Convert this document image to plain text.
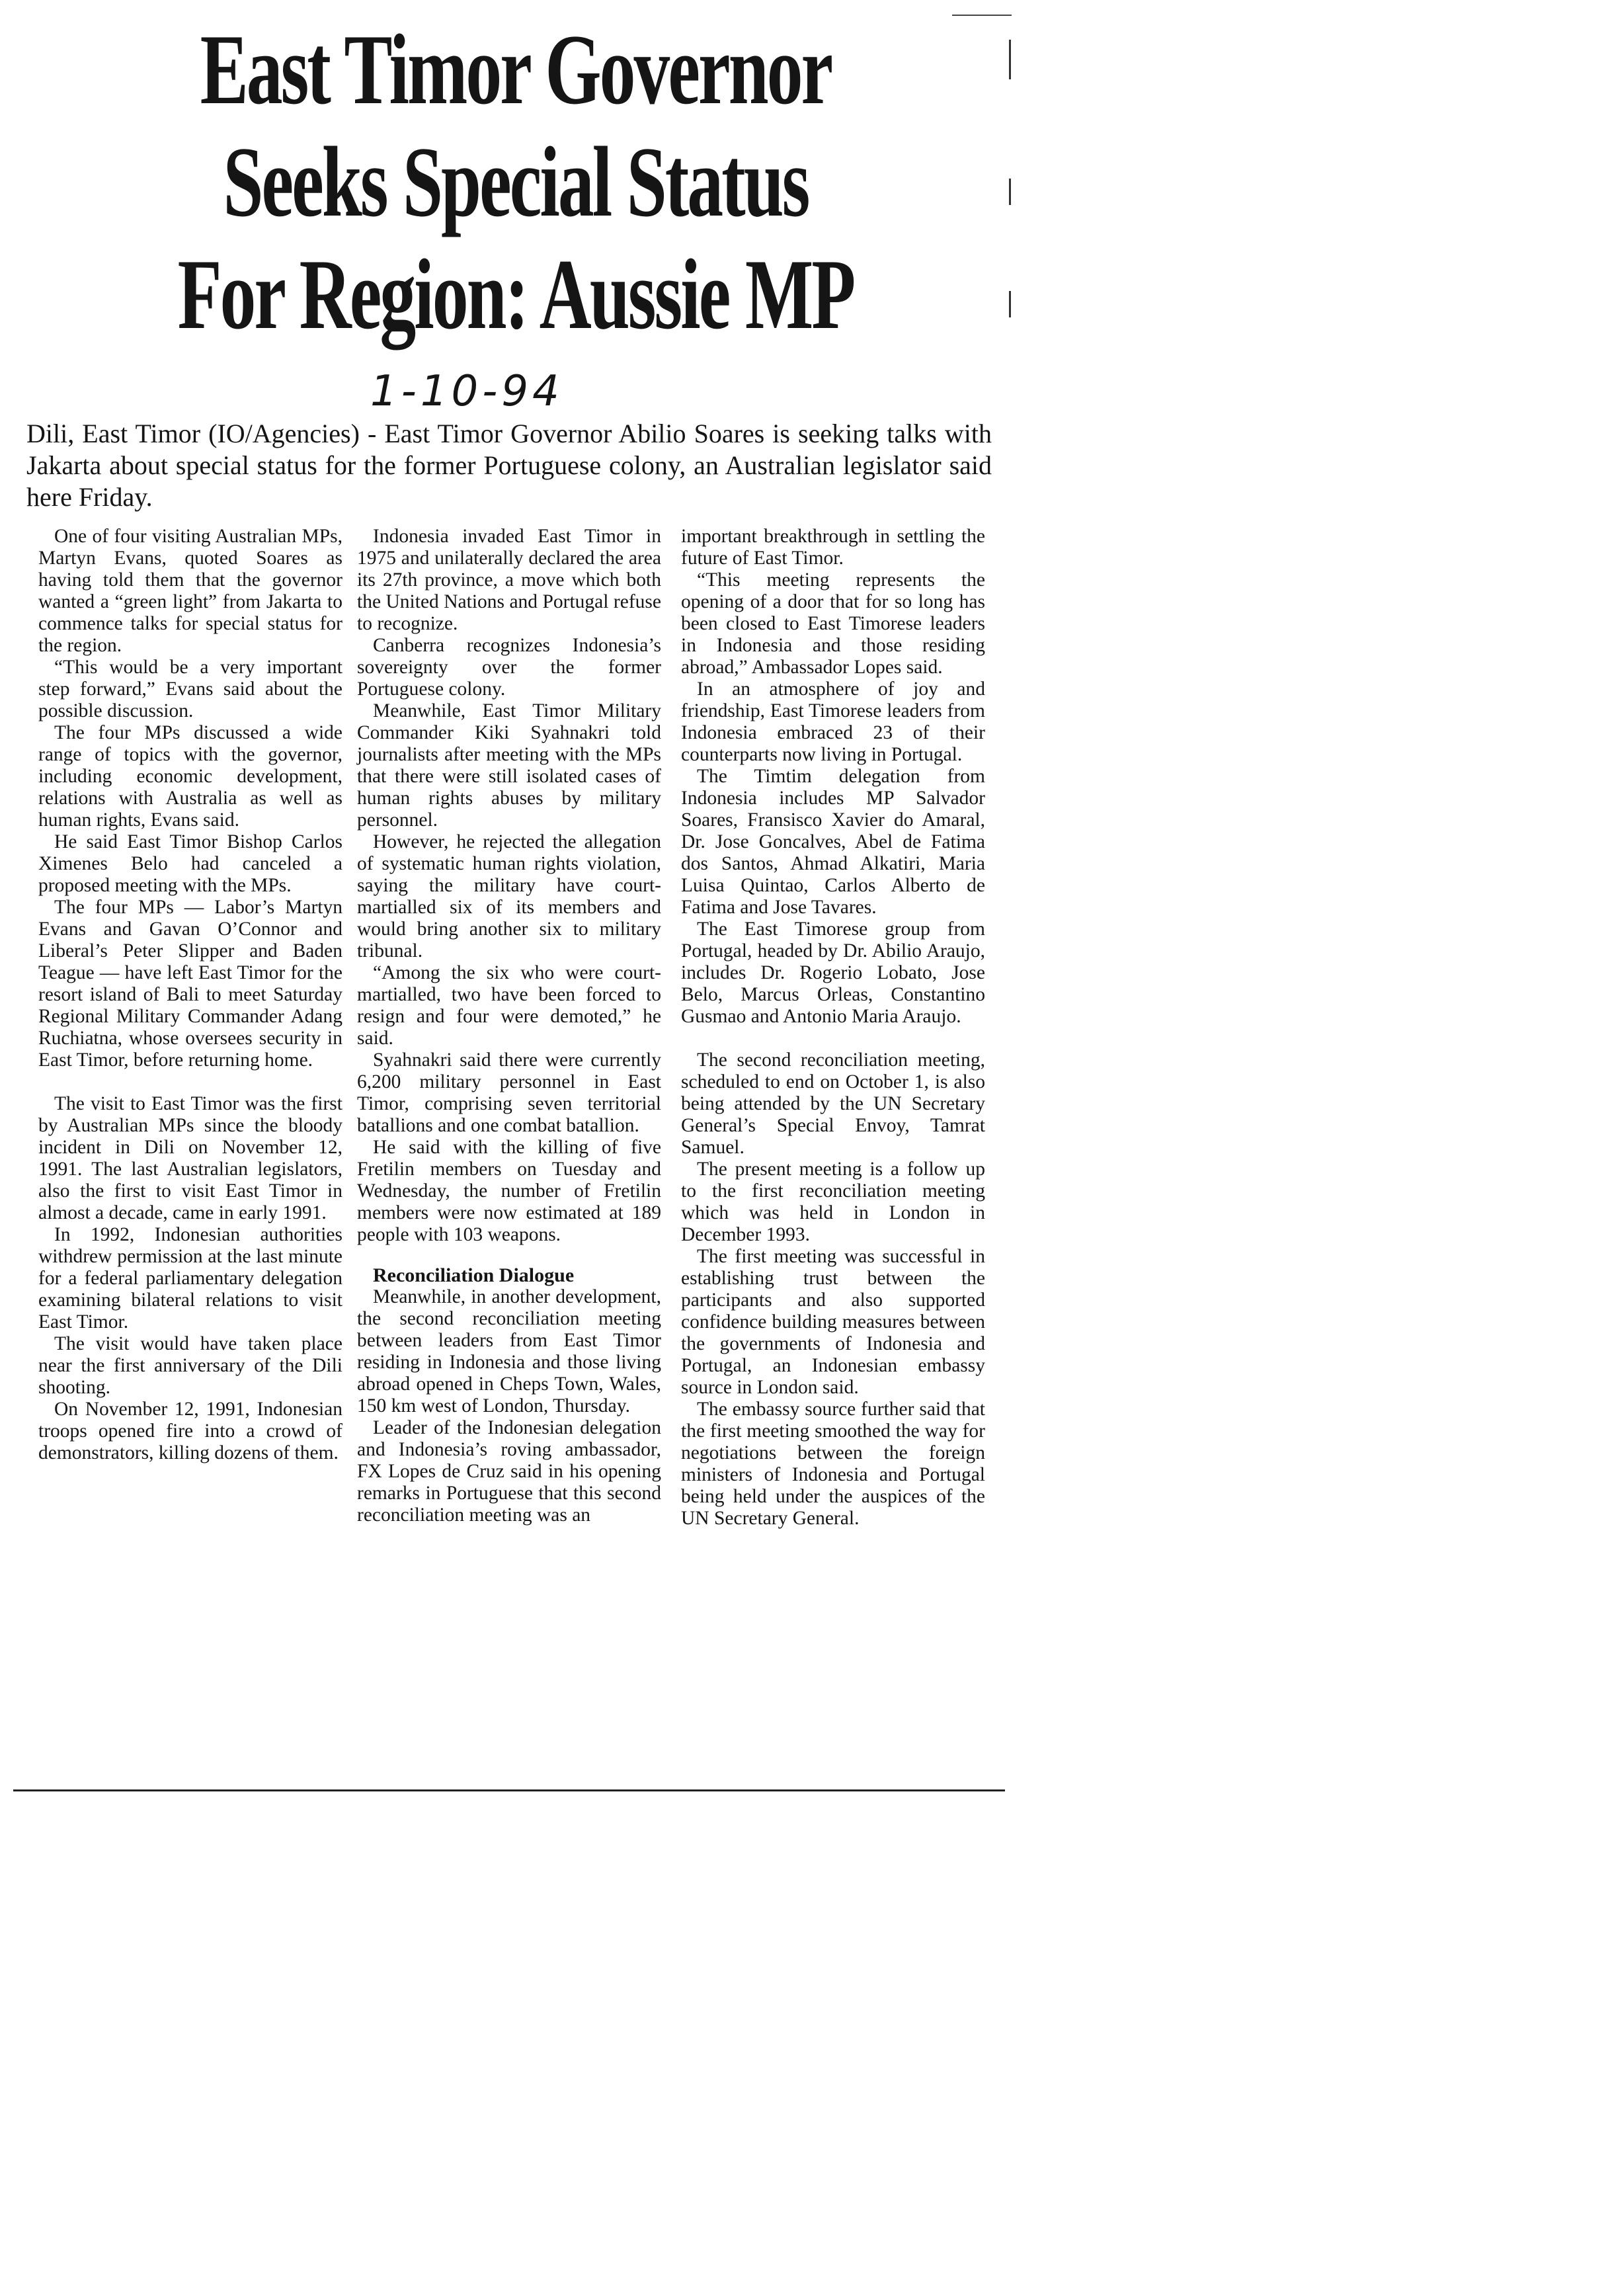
East Timor Governor
Seeks Special Status
For Region: Aussie MP
1-10-94
Dili, East Timor (IO/Agencies) - East Timor Governor Abilio Soares is seeking talks with Jakarta about special status for the former Portuguese colony, an Australian legislator said here Friday.

One of four visiting Australian MPs, Martyn Evans, quoted Soares as having told them that the governor wanted a “green light” from Jakarta to commence talks for special status for the region.

“This would be a very important step forward,” Evans said about the possible discussion.

The four MPs discussed a wide range of topics with the governor, including economic development, relations with Australia as well as human rights, Evans said.

He said East Timor Bishop Carlos Ximenes Belo had canceled a proposed meeting with the MPs.

The four MPs — Labor’s Martyn Evans and Gavan O’Connor and Liberal’s Peter Slipper and Baden Teague — have left East Timor for the resort island of Bali to meet Saturday Regional Military Commander Adang Ruchiatna, whose oversees security in East Timor, before returning home.

The visit to East Timor was the first by Australian MPs since the bloody incident in Dili on November 12, 1991. The last Australian legislators, also the first to visit East Timor in almost a decade, came in early 1991.

In 1992, Indonesian authorities withdrew permission at the last minute for a federal parliamentary delegation examining bilateral relations to visit East Timor.

The visit would have taken place near the first anniversary of the Dili shooting.

On November 12, 1991, Indonesian troops opened fire into a crowd of demonstrators, killing dozens of them.

Indonesia invaded East Timor in 1975 and unilaterally declared the area its 27th province, a move which both the United Nations and Portugal refuse to recognize.

Canberra recognizes Indonesia’s sovereignty over the former Portuguese colony.

Meanwhile, East Timor Military Commander Kiki Syahnakri told journalists after meeting with the MPs that there were still isolated cases of human rights abuses by military personnel.

However, he rejected the allegation of systematic human rights violation, saying the military have court-martialled six of its members and would bring another six to military tribunal.

“Among the six who were court-martialled, two have been forced to resign and four were demoted,” he said.

Syahnakri said there were currently 6,200 military personnel in East Timor, comprising seven territorial batallions and one combat batallion.

He said with the killing of five Fretilin members on Tuesday and Wednesday, the number of Fretilin members were now estimated at 189 people with 103 weapons.

Reconciliation Dialogue

Meanwhile, in another development, the second reconciliation meeting between leaders from East Timor residing in Indonesia and those living abroad opened in Cheps Town, Wales, 150 km west of London, Thursday.

Leader of the Indonesian delegation and Indonesia’s roving ambassador, FX Lopes de Cruz said in his opening remarks in Portuguese that this second reconciliation meeting was an

important breakthrough in settling the future of East Timor.

“This meeting represents the opening of a door that for so long has been closed to East Timorese leaders in Indonesia and those residing abroad,” Ambassador Lopes said.

In an atmosphere of joy and friendship, East Timorese leaders from Indonesia embraced 23 of their counterparts now living in Portugal.

The Timtim delegation from Indonesia includes MP Salvador Soares, Fransisco Xavier do Amaral, Dr. Jose Goncalves, Abel de Fatima dos Santos, Ahmad Alkatiri, Maria Luisa Quintao, Carlos Alberto de Fatima and Jose Tavares.

The East Timorese group from Portugal, headed by Dr. Abilio Araujo, includes Dr. Rogerio Lobato, Jose Belo, Marcus Orleas, Constantino Gusmao and Antonio Maria Araujo.

The second reconciliation meeting, scheduled to end on October 1, is also being attended by the UN Secretary General’s Special Envoy, Tamrat Samuel.

The present meeting is a follow up to the first reconciliation meeting which was held in London in December 1993.

The first meeting was successful in establishing trust between the participants and also supported confidence building measures between the governments of Indonesia and Portugal, an Indonesian embassy source in London said.

The embassy source further said that the first meeting smoothed the way for negotiations between the foreign ministers of Indonesia and Portugal being held under the auspices of the UN Secretary General.
